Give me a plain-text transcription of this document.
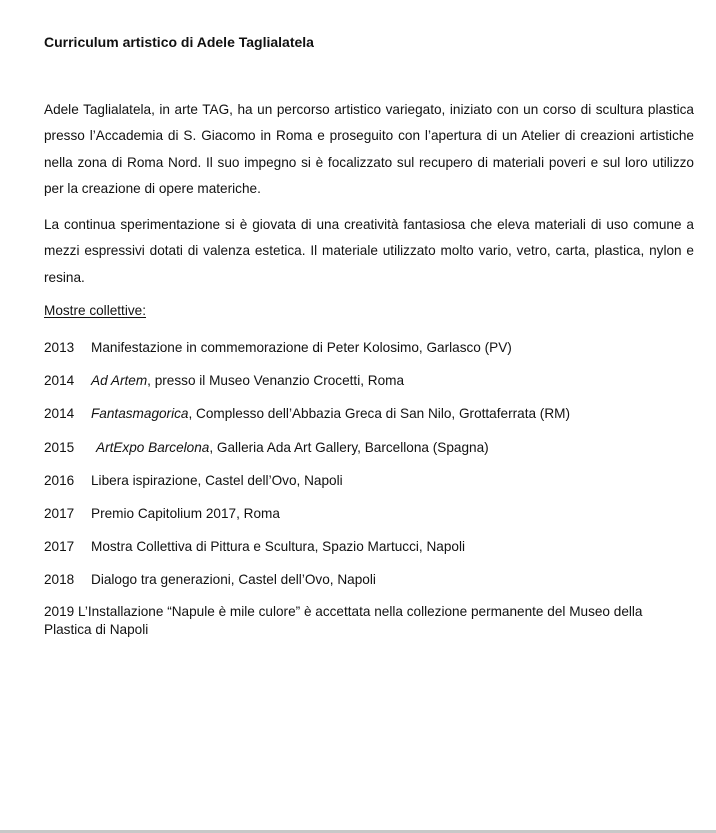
Curriculum artistico di Adele Taglialatela

Adele Taglialatela, in arte TAG, ha un percorso artistico variegato, iniziato con un corso di scultura plastica presso l’Accademia di S. Giacomo in Roma e proseguito con l’apertura di un Atelier di creazioni artistiche nella zona di Roma Nord. Il suo impegno si è focalizzato sul recupero di materiali poveri e sul loro utilizzo per la creazione di opere materiche.

La continua sperimentazione si è giovata di una creatività fantasiosa che eleva materiali di uso comune a mezzi espressivi dotati di valenza estetica. Il materiale utilizzato molto vario, vetro, carta, plastica, nylon e resina.

Mostre collettive:
2013 Manifestazione in commemorazione di Peter Kolosimo, Garlasco (PV)
2014 Ad Artem, presso il Museo Venanzio Crocetti, Roma
2014 Fantasmagorica, Complesso dell’Abbazia Greca di San Nilo, Grottaferrata (RM)
2015 ArtExpo Barcelona, Galleria Ada Art Gallery, Barcellona (Spagna)
2016 Libera ispirazione, Castel dell’Ovo, Napoli
2017 Premio Capitolium 2017, Roma
2017 Mostra Collettiva di Pittura e Scultura, Spazio Martucci, Napoli
2018 Dialogo tra generazioni, Castel dell’Ovo, Napoli
2019 L’Installazione “Napule è mile culore” è accettata nella collezione permanente del Museo della Plastica di Napoli
